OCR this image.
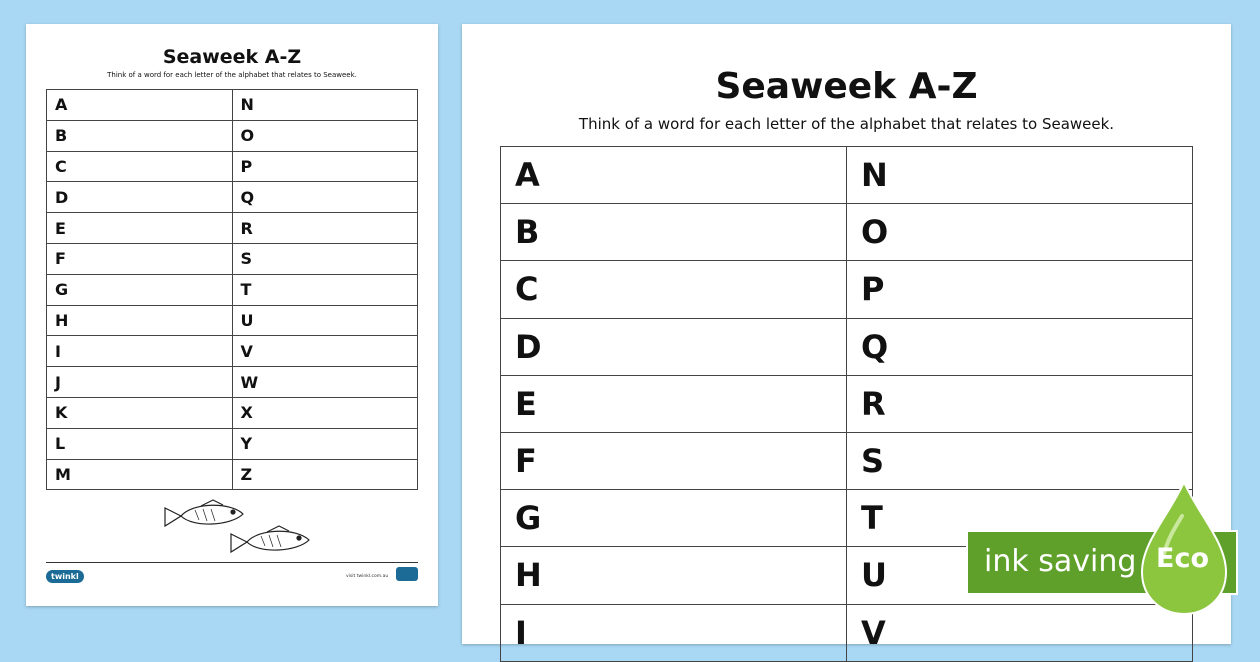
Seaweek A-Z
Think of a word for each letter of the alphabet that relates to Seaweek.
A	N
B	O
C	P
D	Q
E	R
F	S
G	T
H	U
I	V
J	W
K	X
L	Y
M	Z
twinkl	visit twinkl.com.au
Seaweek A-Z
Think of a word for each letter of the alphabet that relates to Seaweek.
A	N
B	O
C	P
D	Q
E	R
F	S
G	T
H	U
I	V
ink saving Eco
